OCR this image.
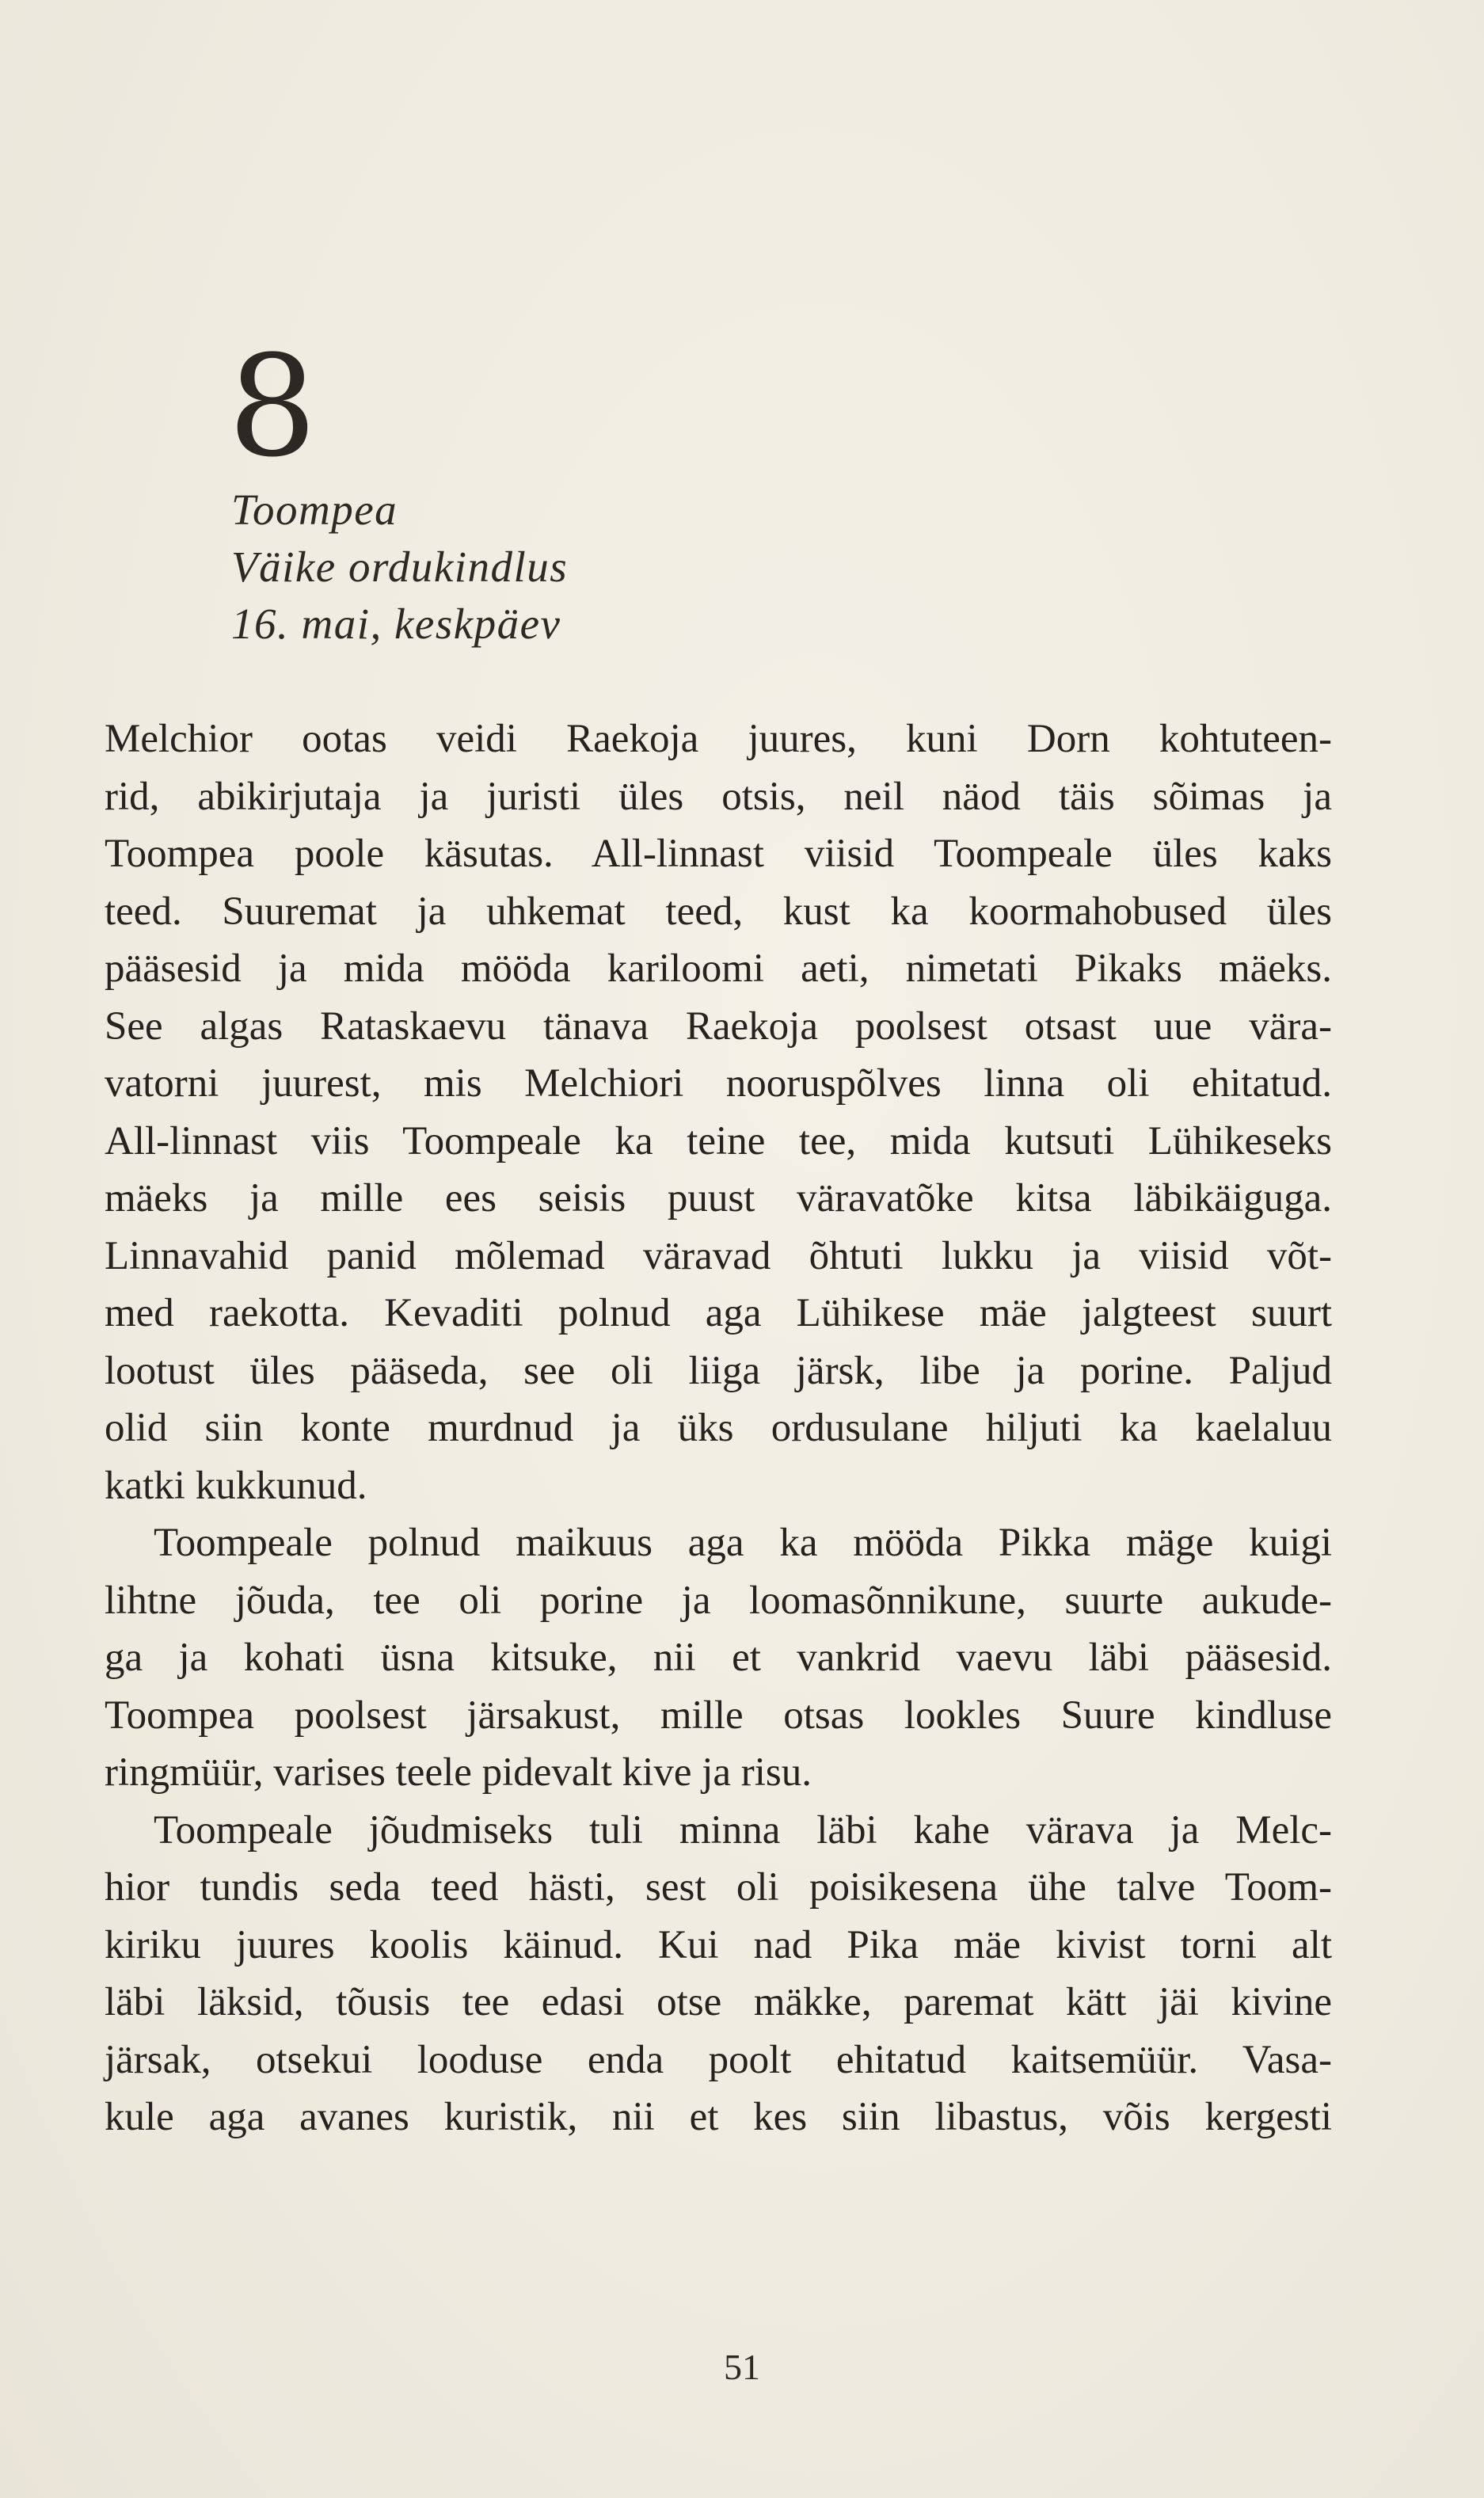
8
Toompea
Väike ordukindlus
16. mai, keskpäev
Melchior ootas veidi Raekoja juures, kuni Dorn kohtuteen-
rid, abikirjutaja ja juristi üles otsis, neil nӓod täis sõimas ja
Toompea poole käsutas. All-linnast viisid Toompeale üles kaks
teed. Suuremat ja uhkemat teed, kust ka koormahobused üles
pääsesid ja mida mööda kariloomi aeti, nimetati Pikaks mäeks.
See algas Rataskaevu tänava Raekoja poolsest otsast uue vära-
vatorni juurest, mis Melchiori nooruspõlves linna oli ehitatud.
All-linnast viis Toompeale ka teine tee, mida kutsuti Lühikeseks
mäeks ja mille ees seisis puust väravatõke kitsa läbikäiguga.
Linnavahid panid mõlemad väravad õhtuti lukku ja viisid võt-
med raekotta. Kevaditi polnud aga Lühikese mäe jalgteest suurt
lootust üles pääseda, see oli liiga järsk, libe ja porine. Paljud
olid siin konte murdnud ja üks ordusulane hiljuti ka kaelaluu
katki kukkunud.
Toompeale polnud maikuus aga ka mööda Pikka mäge kuigi
lihtne jõuda, tee oli porine ja loomasõnnikune, suurte aukude-
ga ja kohati üsna kitsuke, nii et vankrid vaevu läbi pääsesid.
Toompea poolsest järsakust, mille otsas lookles Suure kindluse
ringmüür, varises teele pidevalt kive ja risu.
Toompeale jõudmiseks tuli minna läbi kahe värava ja Melc-
hior tundis seda teed hästi, sest oli poisikesena ühe talve Toom-
kiriku juures koolis käinud. Kui nad Pika mäe kivist torni alt
läbi läksid, tõusis tee edasi otse mäkke, paremat kätt jäi kivine
järsak, otsekui looduse enda poolt ehitatud kaitsemüür. Vasa-
kule aga avanes kuristik, nii et kes siin libastus, võis kergesti
51
